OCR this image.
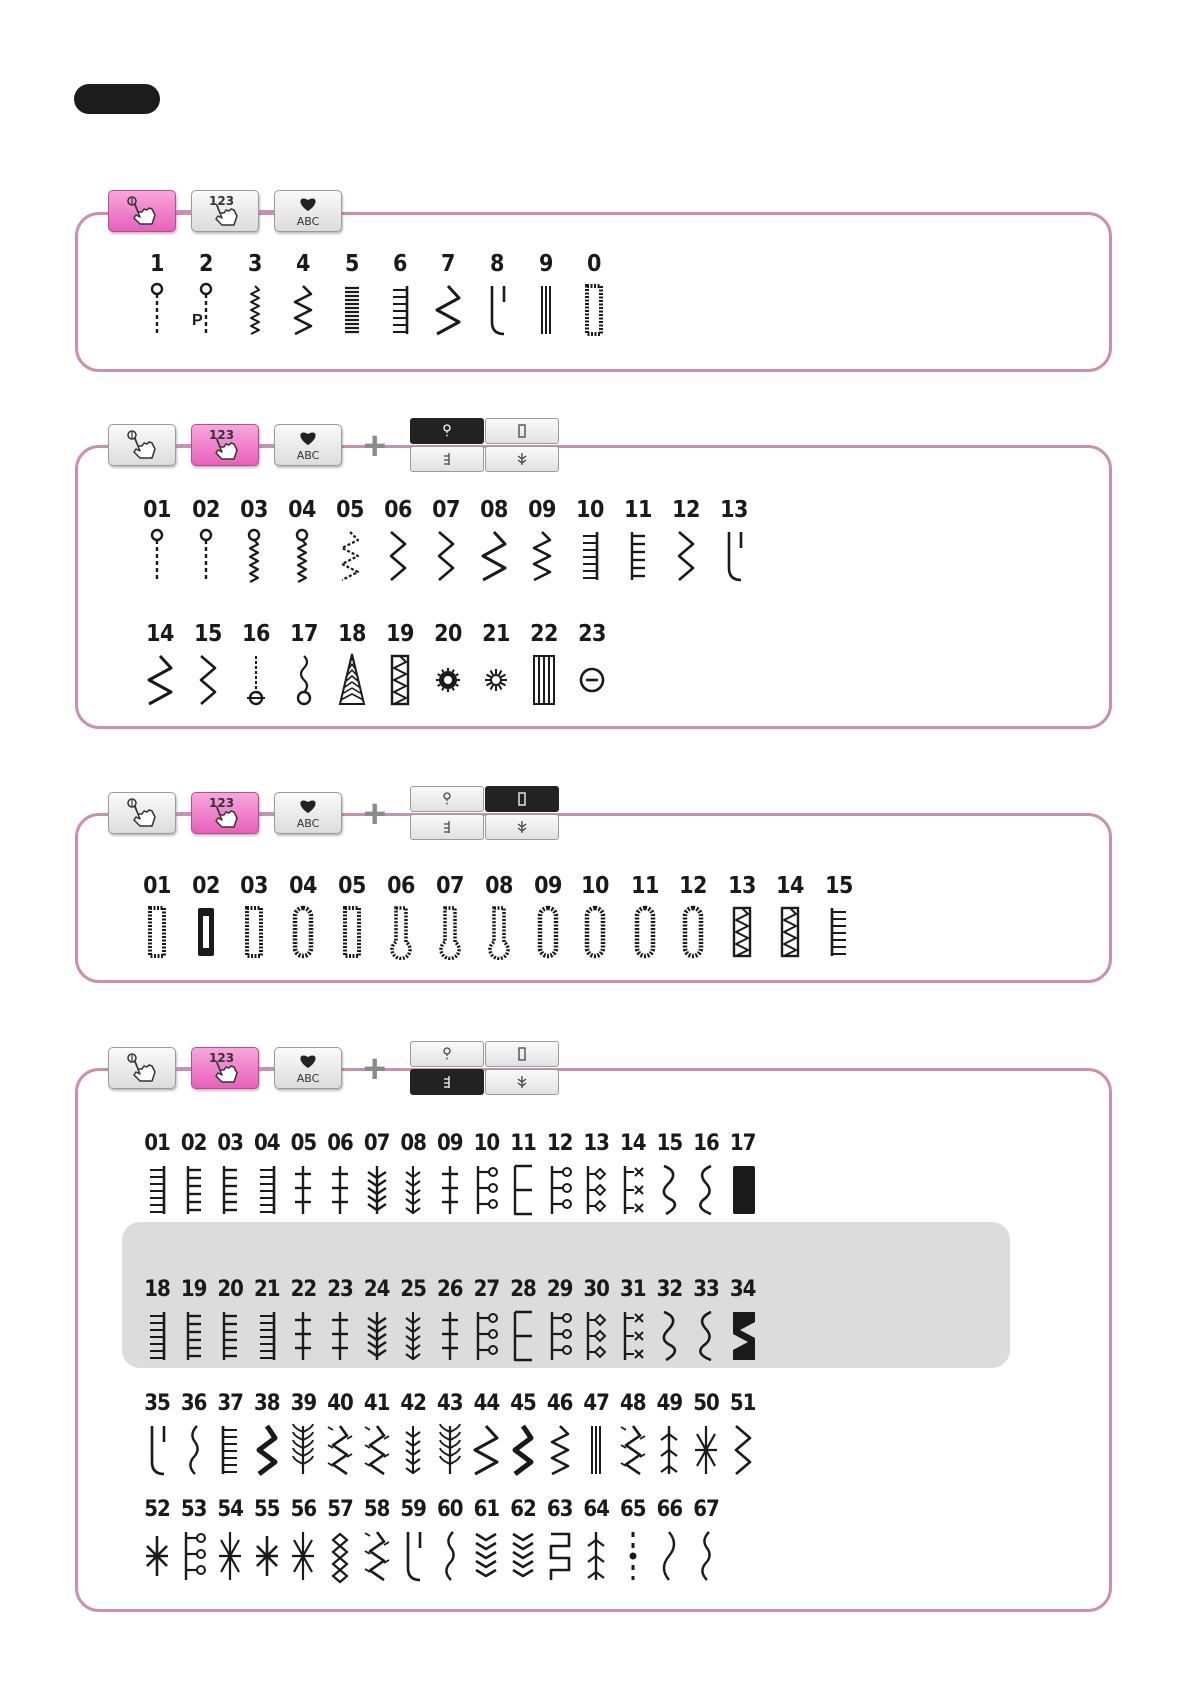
123
ABC
123
ABC +
123
ABC +
123
ABC +
1	2	3	4	5	6	7	8	9	0
P
01 02 03 04 05 06 07 08 09 10 11 12 13
14 15 16 17 18 19 20 21 22 23
01 02 03 04 05 06 07 08 09 10 11 12 13 14 15
01 02 03 04 05 06 07 08 09 10 11 12 13 14 15 16 17
18 19 20 21 22 23 24 25 26 27 28 29 30 31 32 33 34
35 36 37 38 39 40 41 42 43 44 45 46 47 48 49 50 51
52 53 54 55 56 57 58 59 60 61 62 63 64 65 66 67
